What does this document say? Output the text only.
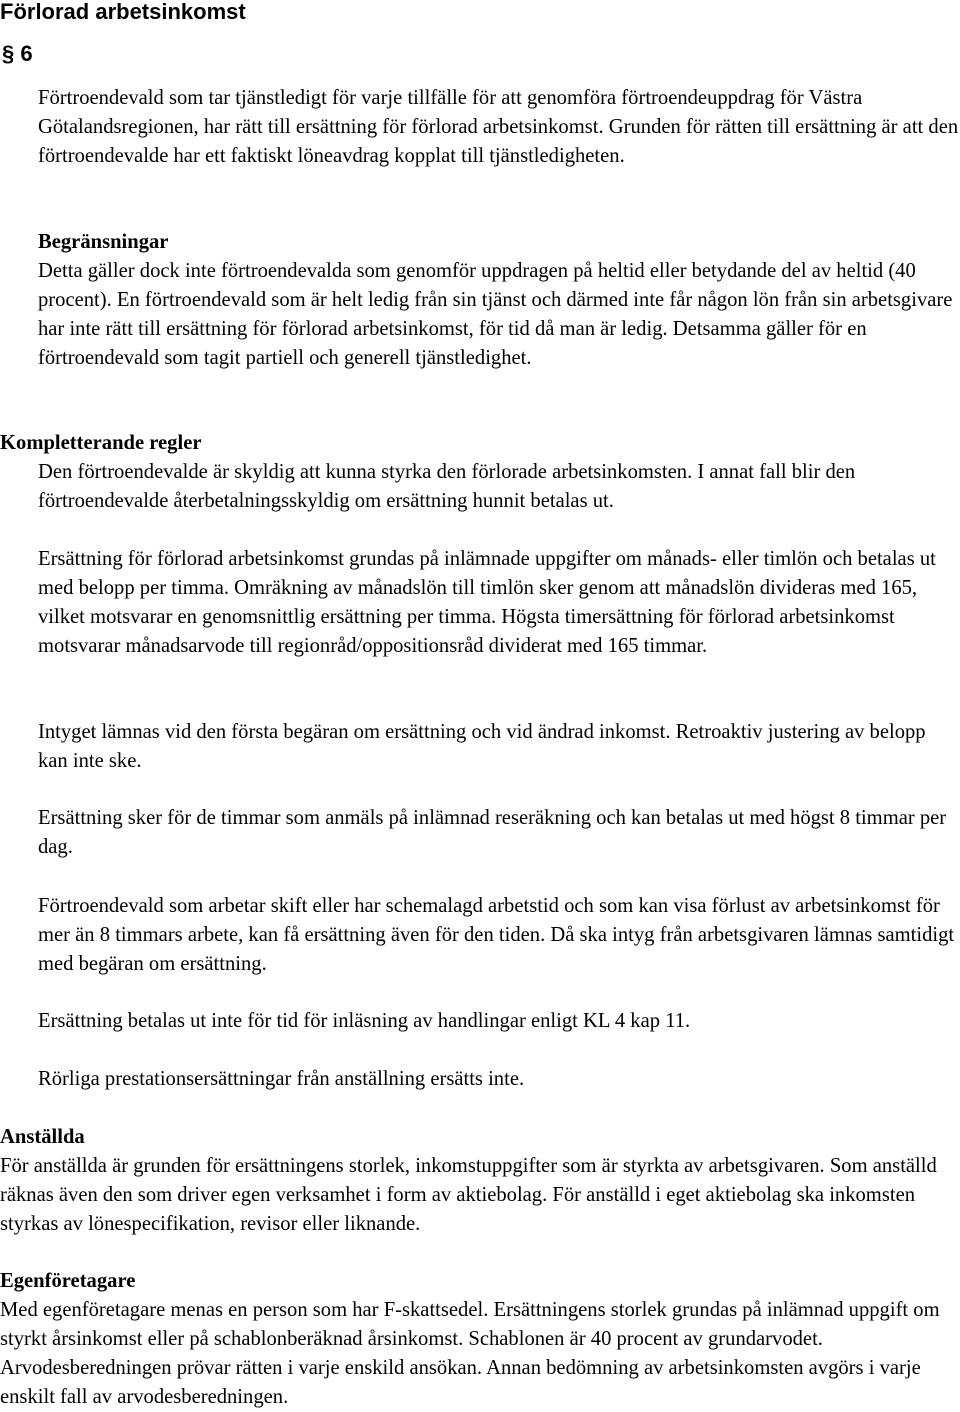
Förlorad arbetsinkomst
§ 6

Förtroendevald som tar tjänstledigt för varje tillfälle för att genomföra förtroendeuppdrag för Västra Götalandsregionen, har rätt till ersättning för förlorad arbetsinkomst. Grunden för rätten till ersättning är att den förtroendevalde har ett faktiskt löneavdrag kopplat till tjänstledigheten.

Begränsningar
Detta gäller dock inte förtroendevalda som genomför uppdragen på heltid eller betydande del av heltid (40 procent). En förtroendevald som är helt ledig från sin tjänst och därmed inte får någon lön från sin arbetsgivare har inte rätt till ersättning för förlorad arbetsinkomst, för tid då man är ledig. Detsamma gäller för en förtroendevald som tagit partiell och generell tjänstledighet.
Kompletterande regler

Den förtroendevalde är skyldig att kunna styrka den förlorade arbetsinkomsten. I annat fall blir den förtroendevalde återbetalningsskyldig om ersättning hunnit betalas ut.

Ersättning för förlorad arbetsinkomst grundas på inlämnade uppgifter om månads- eller timlön och betalas ut med belopp per timma. Omräkning av månadslön till timlön sker genom att månadslön divideras med 165, vilket motsvarar en genomsnittlig ersättning per timma. Högsta timersättning för förlorad arbetsinkomst motsvarar månadsarvode till regionråd/oppositionsråd dividerat med 165 timmar.

Intyget lämnas vid den första begäran om ersättning och vid ändrad inkomst. Retroaktiv justering av belopp kan inte ske.

Ersättning sker för de timmar som anmäls på inlämnad reseräkning och kan betalas ut med högst 8 timmar per dag.

Förtroendevald som arbetar skift eller har schemalagd arbetstid och som kan visa förlust av arbetsinkomst för mer än 8 timmars arbete, kan få ersättning även för den tiden. Då ska intyg från arbetsgivaren lämnas samtidigt med begäran om ersättning.

Ersättning betalas ut inte för tid för inläsning av handlingar enligt KL 4 kap 11.

Rörliga prestationsersättningar från anställning ersätts inte.

Anställda
För anställda är grunden för ersättningens storlek, inkomstuppgifter som är styrkta av arbetsgivaren. Som anställd räknas även den som driver egen verksamhet i form av aktiebolag. För anställd i eget aktiebolag ska inkomsten styrkas av lönespecifikation, revisor eller liknande.
Egenföretagare
Med egenföretagare menas en person som har F-skattsedel. Ersättningens storlek grundas på inlämnad uppgift om styrkt årsinkomst eller på schablonberäknad årsinkomst. Schablonen är 40 procent av grundarvodet. Arvodesberedningen prövar rätten i varje enskild ansökan. Annan bedömning av arbetsinkomsten avgörs i varje enskilt fall av arvodesberedningen.
